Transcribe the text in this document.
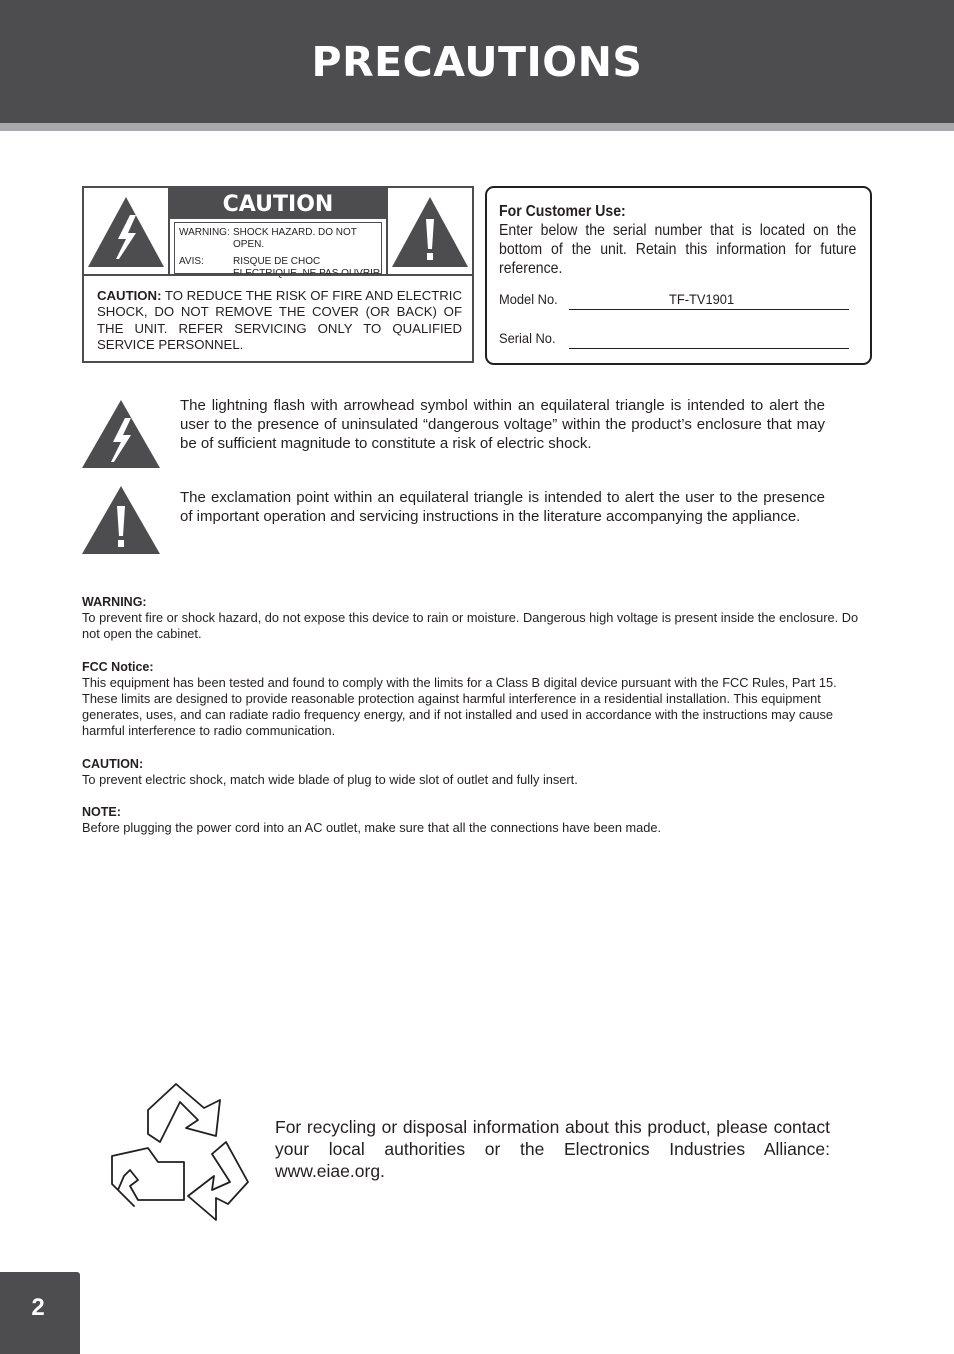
PRECAUTIONS
CAUTION
WARNING: SHOCK HAZARD. DO NOT OPEN.
AVIS:	RISQUE DE CHOC
CAUTION: TO REDUCE THE RISK OF FIRE AND ELECTRIC SHOCK, DO NOT REMOVE THE COVER (OR BACK) OF THE UNIT. REFER SERVICING ONLY TO QUALIFIED SERVICE PERSONNEL.
For Customer Use:
Enter below the serial number that is located on the bottom of the unit. Retain this information for future reference.
Model No.	TF-TV1901
Serial No.
The lightning flash with arrowhead symbol within an equilateral triangle is intended to alert the user to the presence of uninsulated “dangerous voltage” within the product’s enclosure that may be of sufficient magnitude to constitute a risk of electric shock.
The exclamation point within an equilateral triangle is intended to alert the user to the presence of important operation and servicing instructions in the literature accompanying the appliance.
WARNING:
To prevent fire or shock hazard, do not expose this device to rain or moisture. Dangerous high voltage is present inside the enclosure. Do not open the cabinet.
FCC Notice:
This equipment has been tested and found to comply with the limits for a Class B digital device pursuant with the FCC Rules, Part 15. These limits are designed to provide reasonable protection against harmful interference in a residential installation. This equipment generates, uses, and can radiate radio frequency energy, and if not installed and used in accordance with the instructions may cause harmful interference to radio communication.
CAUTION:
To prevent electric shock, match wide blade of plug to wide slot of outlet and fully insert.
NOTE:
Before plugging the power cord into an AC outlet, make sure that all the connections have been made.
For recycling or disposal information about this product, please contact your local authorities or the Electronics Industries Alliance: www.eiae.org.
2
